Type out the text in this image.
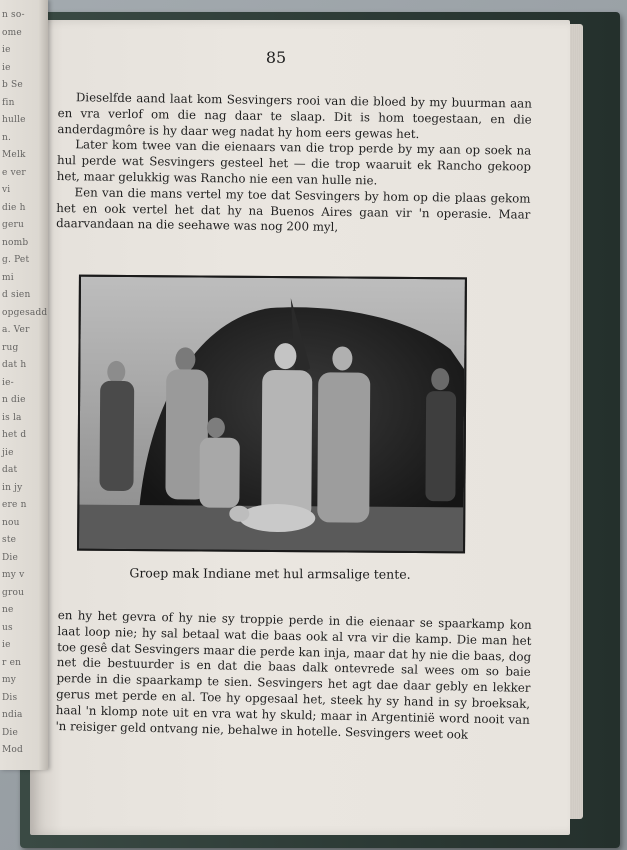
85

Dieselfde aand laat kom Sesvingers rooi van die bloed by my buurman aan en vra verlof om die nag daar te slaap. Dit is hom toegestaan, en die anderdagmôre is hy daar weg nadat hy hom eers gewas het.

Later kom twee van die eienaars van die trop perde by my aan op soek na hul perde wat Sesvingers gesteel het — die trop waaruit ek Rancho gekoop het, maar gelukkig was Rancho nie een van hulle nie.

Een van die mans vertel my toe dat Sesvingers by hom op die plaas gekom het en ook vertel het dat hy na Buenos Aires gaan vir 'n operasie. Maar daarvandaan na die seehawe was nog 200 myl,

Groep mak Indiane met hul armsalige tente.

en hy het gevra of hy nie sy troppie perde in die eienaar se spaarkamp kon laat loop nie; hy sal betaal wat die baas ook al vra vir die kamp. Die man het toe gesê dat Sesvingers maar die perde kan inja, maar dat hy nie die baas, dog net die bestuurder is en dat die baas dalk ontevrede sal wees om so baie perde in die spaarkamp te sien. Sesvingers het agt dae daar gebly en lekker gerus met perde en al. Toe hy opgesaal het, steek hy sy hand in sy broeksak, haal 'n klomp note uit en vra wat hy skuld; maar in Argentinië word nooit van 'n reisiger geld ontvang nie, behalwe in hotelle. Sesvingers weet ook

n so-
ome
ie
ie
b Se
fin
hulle
n.
Melk
e ver
vi
die h
geru
nomb
g. Pet
mi
d sien
opgesadd
a. Ver
rug
dat h
ie-
n die
is la
het d
jie
dat
in jy
ere n
nou
ste
Die
my v
grou
ne
us
ie
r en
my
Dis
ndia
Die
Mod
